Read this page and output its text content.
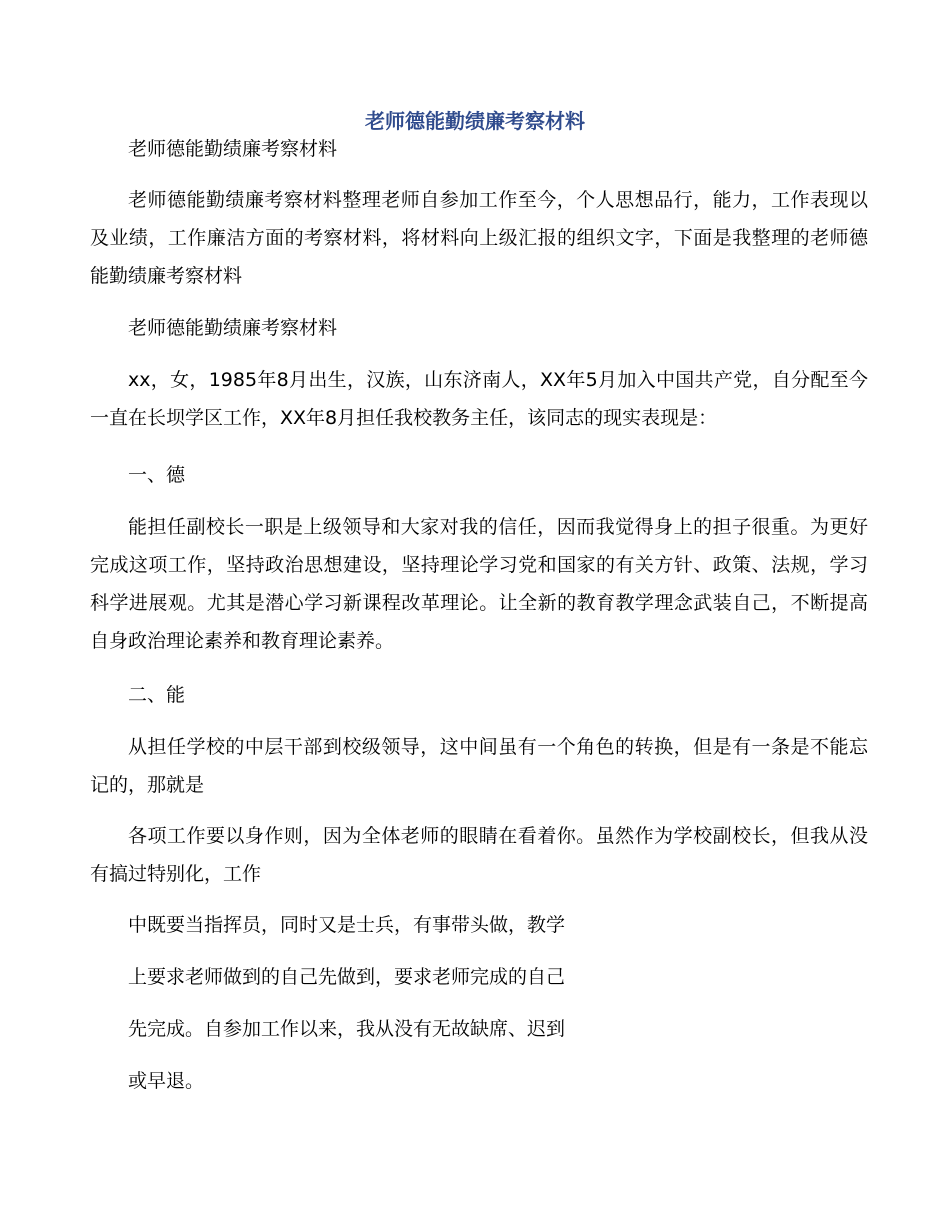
老师德能勤绩廉考察材料

老师德能勤绩廉考察材料

老师德能勤绩廉考察材料整理老师自参加工作至今，个人思想品行，能力，工作表现以及业绩，工作廉洁方面的考察材料，将材料向上级汇报的组织文字，下面是我整理的老师德能勤绩廉考察材料

老师德能勤绩廉考察材料

xx，女，1985年8月出生，汉族，山东济南人，XX年5月加入中国共产党，自分配至今一直在长坝学区工作，XX年8月担任我校教务主任，该同志的现实表现是：

一、德

能担任副校长一职是上级领导和大家对我的信任，因而我觉得身上的担子很重。为更好完成这项工作，坚持政治思想建设，坚持理论学习党和国家的有关方针、政策、法规，学习科学进展观。尤其是潜心学习新课程改革理论。让全新的教育教学理念武装自己，不断提高自身政治理论素养和教育理论素养。

二、能

从担任学校的中层干部到校级领导，这中间虽有一个角色的转换，但是有一条是不能忘记的，那就是

各项工作要以身作则，因为全体老师的眼睛在看着你。虽然作为学校副校长，但我从没有搞过特别化，工作

中既要当指挥员，同时又是士兵，有事带头做，教学

上要求老师做到的自己先做到，要求老师完成的自己

先完成。自参加工作以来，我从没有无故缺席、迟到

或早退。
